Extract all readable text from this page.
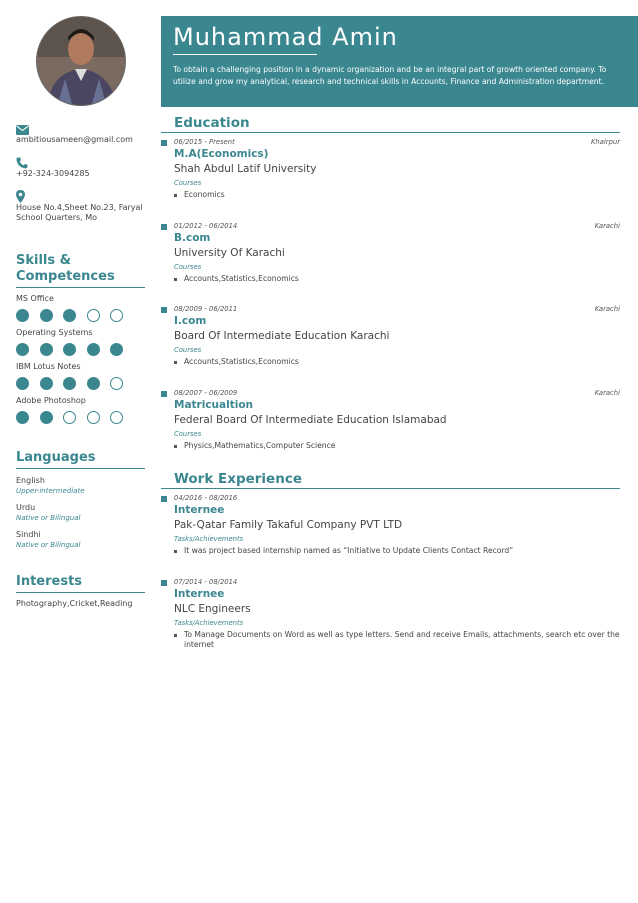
ambitiousameen@gmail.com
+92-324-3094285
House No.4,Sheet No.23, Faryal School Quarters, Mo
Skills & Competences
MS Office
Operating Systems
IBM Lotus Notes
Adobe Photoshop
Languages
English
Upper-intermediate
Urdu
Native or Bilingual
Sindhi
Native or Bilingual
Interests
Photography,Cricket,Reading
Muhammad Amin
To obtain a challenging position in a dynamic organization and be an integral part of growth oriented company. To utilize and grow my analytical, research and technical skills in Accounts, Finance and Administration department.
Education
06/2015 - Present	Khairpur
M.A(Economics)
Shah Abdul Latif University
Courses
Economics
01/2012 - 06/2014	Karachi
B.com
University Of Karachi
Courses
Accounts,Statistics,Economics
08/2009 - 06/2011	Karachi
I.com
Board Of Intermediate Education Karachi
Courses
Accounts,Statistics,Economics
08/2007 - 06/2009	Karachi
Matricualtion
Federal Board Of Intermediate Education Islamabad
Courses
Physics,Mathematics,Computer Science
Work Experience
04/2016 - 08/2016
Internee
Pak-Qatar Family Takaful Company PVT LTD
Tasks/Achievements
It was project based internship named as “Initiative to Update Clients Contact Record”
07/2014 - 08/2014
Internee
NLC Engineers
Tasks/Achievements
To Manage Documents on Word as well as type letters. Send and receive Emails, attachments, search etc over the internet
